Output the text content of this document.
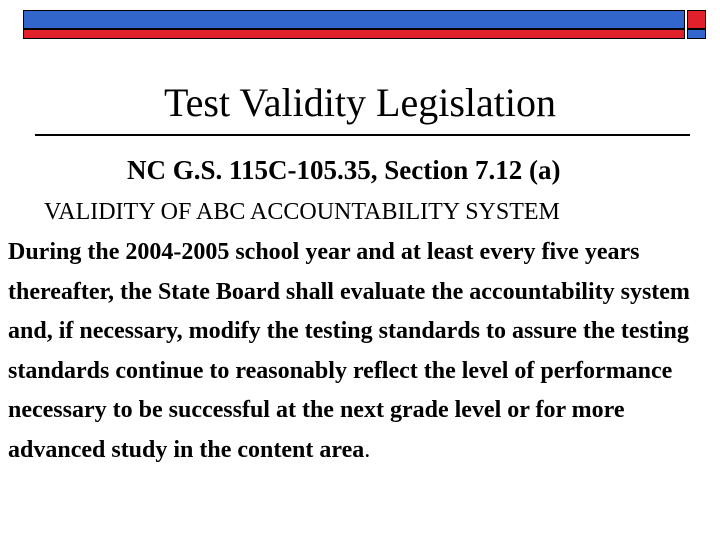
Test Validity Legislation
NC G.S. 115C-105.35, Section 7.12 (a)
VALIDITY OF ABC ACCOUNTABILITY SYSTEM

During the 2004-2005 school year and at least every five years thereafter, the State Board shall evaluate the accountability system and, if necessary, modify the testing standards to assure the testing standards continue to reasonably reflect the level of performance necessary to be successful at the next grade level or for more advanced study in the content area.
